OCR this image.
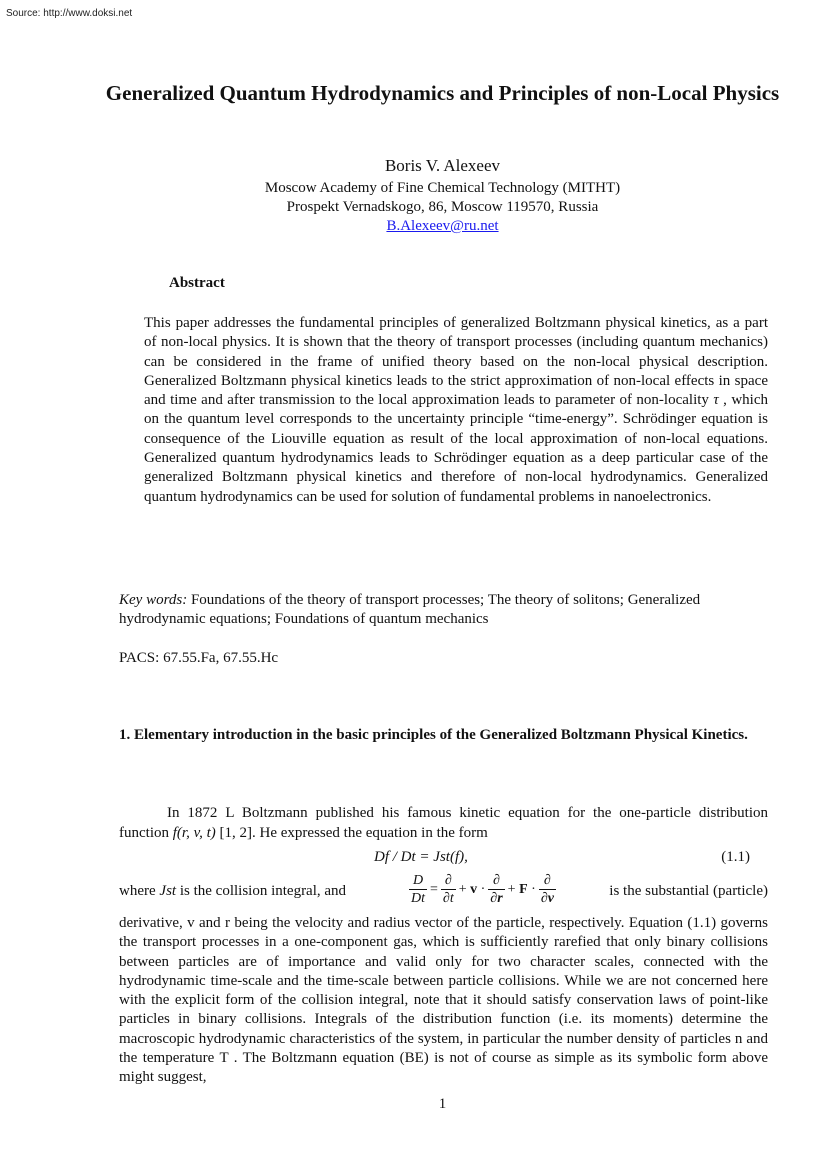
Source: http://www.doksi.net
Generalized Quantum Hydrodynamics and Principles of non-Local Physics
Boris V. Alexeev
Moscow Academy of Fine Chemical Technology (MITHT)
Prospekt Vernadskogo, 86, Moscow 119570, Russia
B.Alexeev@ru.net
Abstract
This paper addresses the fundamental principles of generalized Boltzmann physical kinetics, as a part of non-local physics. It is shown that the theory of transport processes (including quantum mechanics) can be considered in the frame of unified theory based on the non-local physical description. Generalized Boltzmann physical kinetics leads to the strict approximation of non-local effects in space and time and after transmission to the local approximation leads to parameter of non-locality τ , which on the quantum level corresponds to the uncertainty principle “time-energy”. Schrödinger equation is consequence of the Liouville equation as result of the local approximation of non-local equations. Generalized quantum hydrodynamics leads to Schrödinger equation as a deep particular case of the generalized Boltzmann physical kinetics and therefore of non-local hydrodynamics. Generalized quantum hydrodynamics can be used for solution of fundamental problems in nanoelectronics.
Key words: Foundations of the theory of transport processes; The theory of solitons; Generalized hydrodynamic equations; Foundations of quantum mechanics
PACS: 67.55.Fa, 67.55.Hc
1. Elementary introduction in the basic principles of the Generalized Boltzmann Physical Kinetics.
In 1872 L Boltzmann published his famous kinetic equation for the one-particle distribution function f(r, v, t) [1, 2]. He expressed the equation in the form
Df / Dt = Jst(f),	(1.1)
where Jst is the collision integral, and	$\frac{D}{Dt} = \frac{\partial}{\partial t} + v \cdot \frac{\partial}{\partial r} + F \cdot \frac{\partial}{\partial v}$	is the substantial (particle)
derivative, v and r being the velocity and radius vector of the particle, respectively. Equation (1.1) governs the transport processes in a one-component gas, which is sufficiently rarefied that only binary collisions between particles are of importance and valid only for two character scales, connected with the hydrodynamic time-scale and the time-scale between particle collisions. While we are not concerned here with the explicit form of the collision integral, note that it should satisfy conservation laws of point-like particles in binary collisions. Integrals of the distribution function (i.e. its moments) determine the macroscopic hydrodynamic characteristics of the system, in particular the number density of particles n and the temperature T . The Boltzmann equation (BE) is not of course as simple as its symbolic form above might suggest,
1
